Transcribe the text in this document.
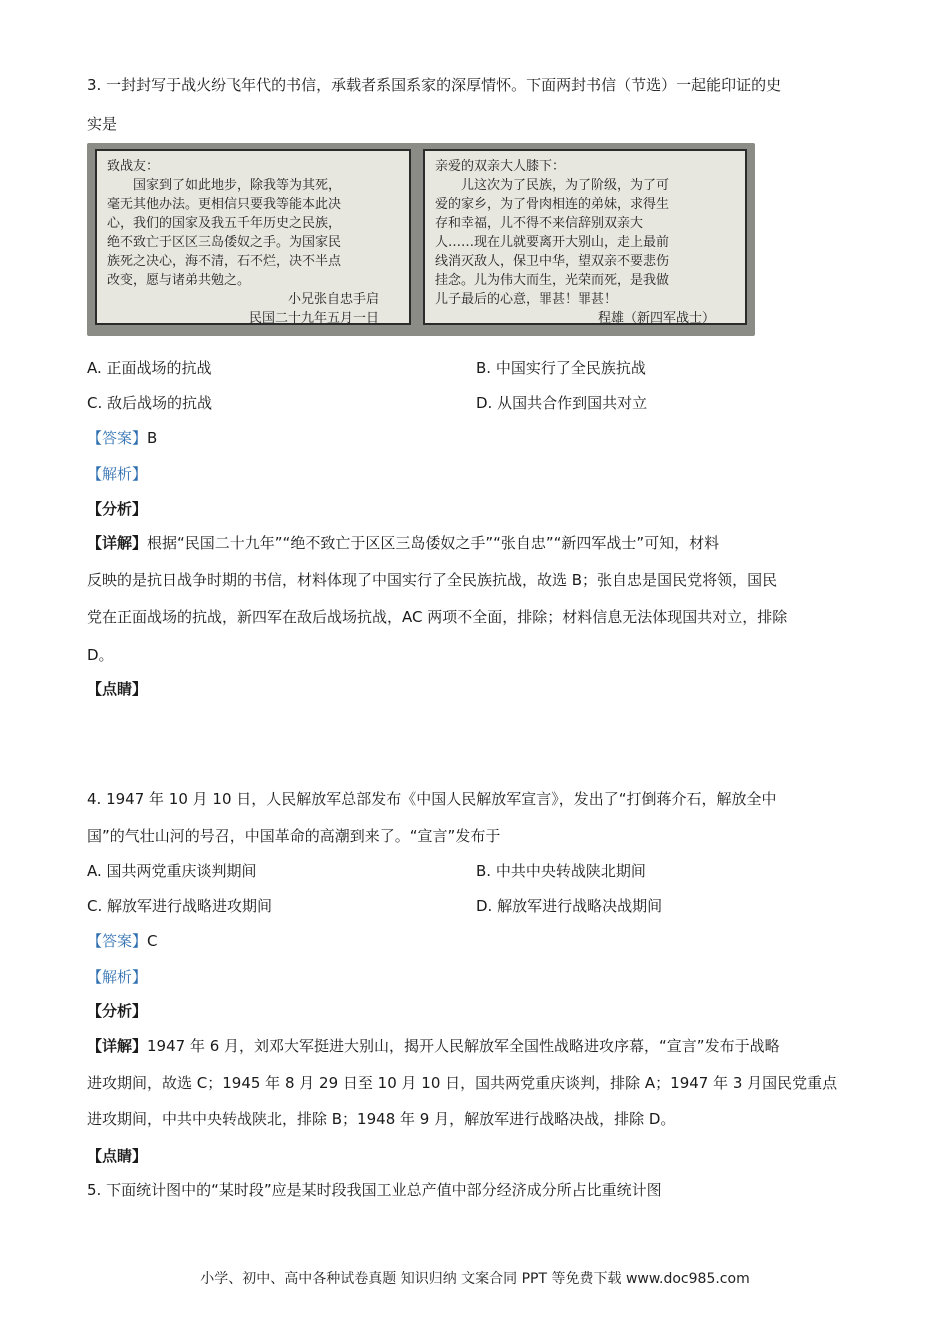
3. 一封封写于战火纷飞年代的书信，承载者系国系家的深厚情怀。下面两封书信（节选）一起能印证的史
实是

致战友：

国家到了如此地步，除我等为其死，

毫无其他办法。更相信只要我等能本此决

心，我们的国家及我五千年历史之民族，

绝不致亡于区区三岛倭奴之手。为国家民

族死之决心，海不清，石不烂，决不半点

改变，愿与诸弟共勉之。

小兄张自忠手启

民国二十九年五月一日

亲爱的双亲大人膝下：

儿这次为了民族，为了阶级，为了可

爱的家乡，为了骨肉相连的弟妹，求得生

存和幸福，儿不得不来信辞别双亲大

人……现在儿就要离开大别山，走上最前

线消灭敌人，保卫中华，望双亲不要悲伤

挂念。儿为伟大而生，光荣而死，是我做

儿子最后的心意，罪甚！罪甚！

程雄（新四军战士）

A. 正面战场的抗战	B. 中国实行了全民族抗战
C. 敌后战场的抗战	D. 从国共合作到国共对立
【答案】B
【解析】
【分析】
【详解】根据“民国二十九年”“绝不致亡于区区三岛倭奴之手”“张自忠”“新四军战士”可知，材料
反映的是抗日战争时期的书信，材料体现了中国实行了全民族抗战，故选 B；张自忠是国民党将领，国民
党在正面战场的抗战，新四军在敌后战场抗战，AC 两项不全面，排除；材料信息无法体现国共对立，排除
D。
【点睛】
4. 1947 年 10 月 10 日，人民解放军总部发布《中国人民解放军宣言》，发出了“打倒蒋介石，解放全中
国”的气壮山河的号召，中国革命的高潮到来了。“宣言”发布于
A. 国共两党重庆谈判期间	B. 中共中央转战陕北期间
C. 解放军进行战略进攻期间	D. 解放军进行战略决战期间
【答案】C
【解析】
【分析】
【详解】1947 年 6 月，刘邓大军挺进大别山，揭开人民解放军全国性战略进攻序幕，“宣言”发布于战略
进攻期间，故选 C；1945 年 8 月 29 日至 10 月 10 日，国共两党重庆谈判，排除 A；1947 年 3 月国民党重点
进攻期间，中共中央转战陕北，排除 B；1948 年 9 月，解放军进行战略决战，排除 D。
【点睛】
5. 下面统计图中的“某时段”应是某时段我国工业总产值中部分经济成分所占比重统计图
小学、初中、高中各种试卷真题 知识归纳 文案合同 PPT 等免费下载 www.doc985.com
